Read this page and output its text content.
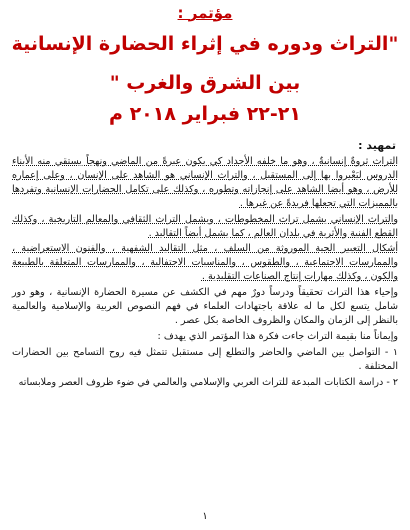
مؤتمر :
"التراث ودوره في إثراء الحضارة الإنسانية
بين الشرق والغرب "
٢١-٢٢ فبراير ٢٠١٨ م
تمهيد :

التراث ثروةٌ إنسانيةٌ ، وهو ما خلفه الأجداد كي يكون عبرةً من الماضي ونهجاً يستقي منه الأبناء الدروس ليَعْبروا بها إلى المستقبل ، والتراث الإنساني هو الشاهد على الإنسان ، وعلى إعماره للأرض ، وهو أيضا الشاهد على إنجازاته وتطوره ، وكذلك على تكامل الحضارات الإنسانية وتفردها بالمميزات التي تجعلها فريدةً عن غيرها .

والتراث الإنساني يشمل تراث المخطوطات ، ويشمل التراث الثقافي والمعالم التاريخية ، وكذلك القطع الفنية والأثرية في بلدان العالم ، كما يشمل أيضاً التقاليد .

أشكال التعبير الحية الموروثة من السلف ، مثل التقاليد الشفهية ، والفنون الاستعراضية ، والممارسات الاجتماعية ، والطقوس ، والمناسبات الاحتفالية ، والممارسات المتعلقة بالطبيعة والكون ، وكذلك مهارات إنتاج الصناعات التقليدية .

وإحياء هذا التراث تحقيقاً ودرساً دورٌ مهم في الكشف عن مسيرة الحضارة الإنسانية ، وهو دور شامل يتسع لكل ما له علاقة باجتهادات العلماء في فهم النصوص العربية والإسلامية والعالمية بالنظر إلى الزمان والمكان والظروف الخاصة بكل عصر .

وإيماناً منا بقيمة التراث جاءت فكرة هذا المؤتمر الذي يهدف :

١ - التواصل بين الماضي والحاضر والتطلع إلى مستقبل تتمثل فيه روح التسامح بين الحضارات المختلفة .

٢ - دراسة الكتابات المبدعة للتراث العربي والإسلامي والعالمي في ضوء ظروف العصر وملابساته

١
